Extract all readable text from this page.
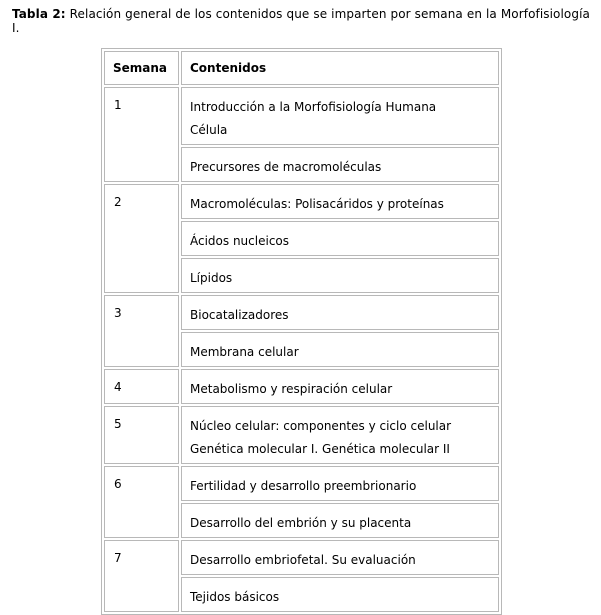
Tabla 2: Relación general de los contenidos que se imparten por semana en la Morfofisiología I.
Semana	Contenidos
1	Introducción a la Morfofisiología Humana
Célula

	Precursores de macromoléculas

2	Macromoléculas: Polisacáridos y proteínas

	Ácidos nucleicos

	Lípidos

3	Biocatalizadores

	Membrana celular

4	Metabolismo y respiración celular

5	Núcleo celular: componentes y ciclo celular
Genética molecular I. Genética molecular II

6	Fertilidad y desarrollo preembrionario

	Desarrollo del embrión y su placenta

7	Desarrollo embriofetal. Su evaluación

	Tejidos básicos
